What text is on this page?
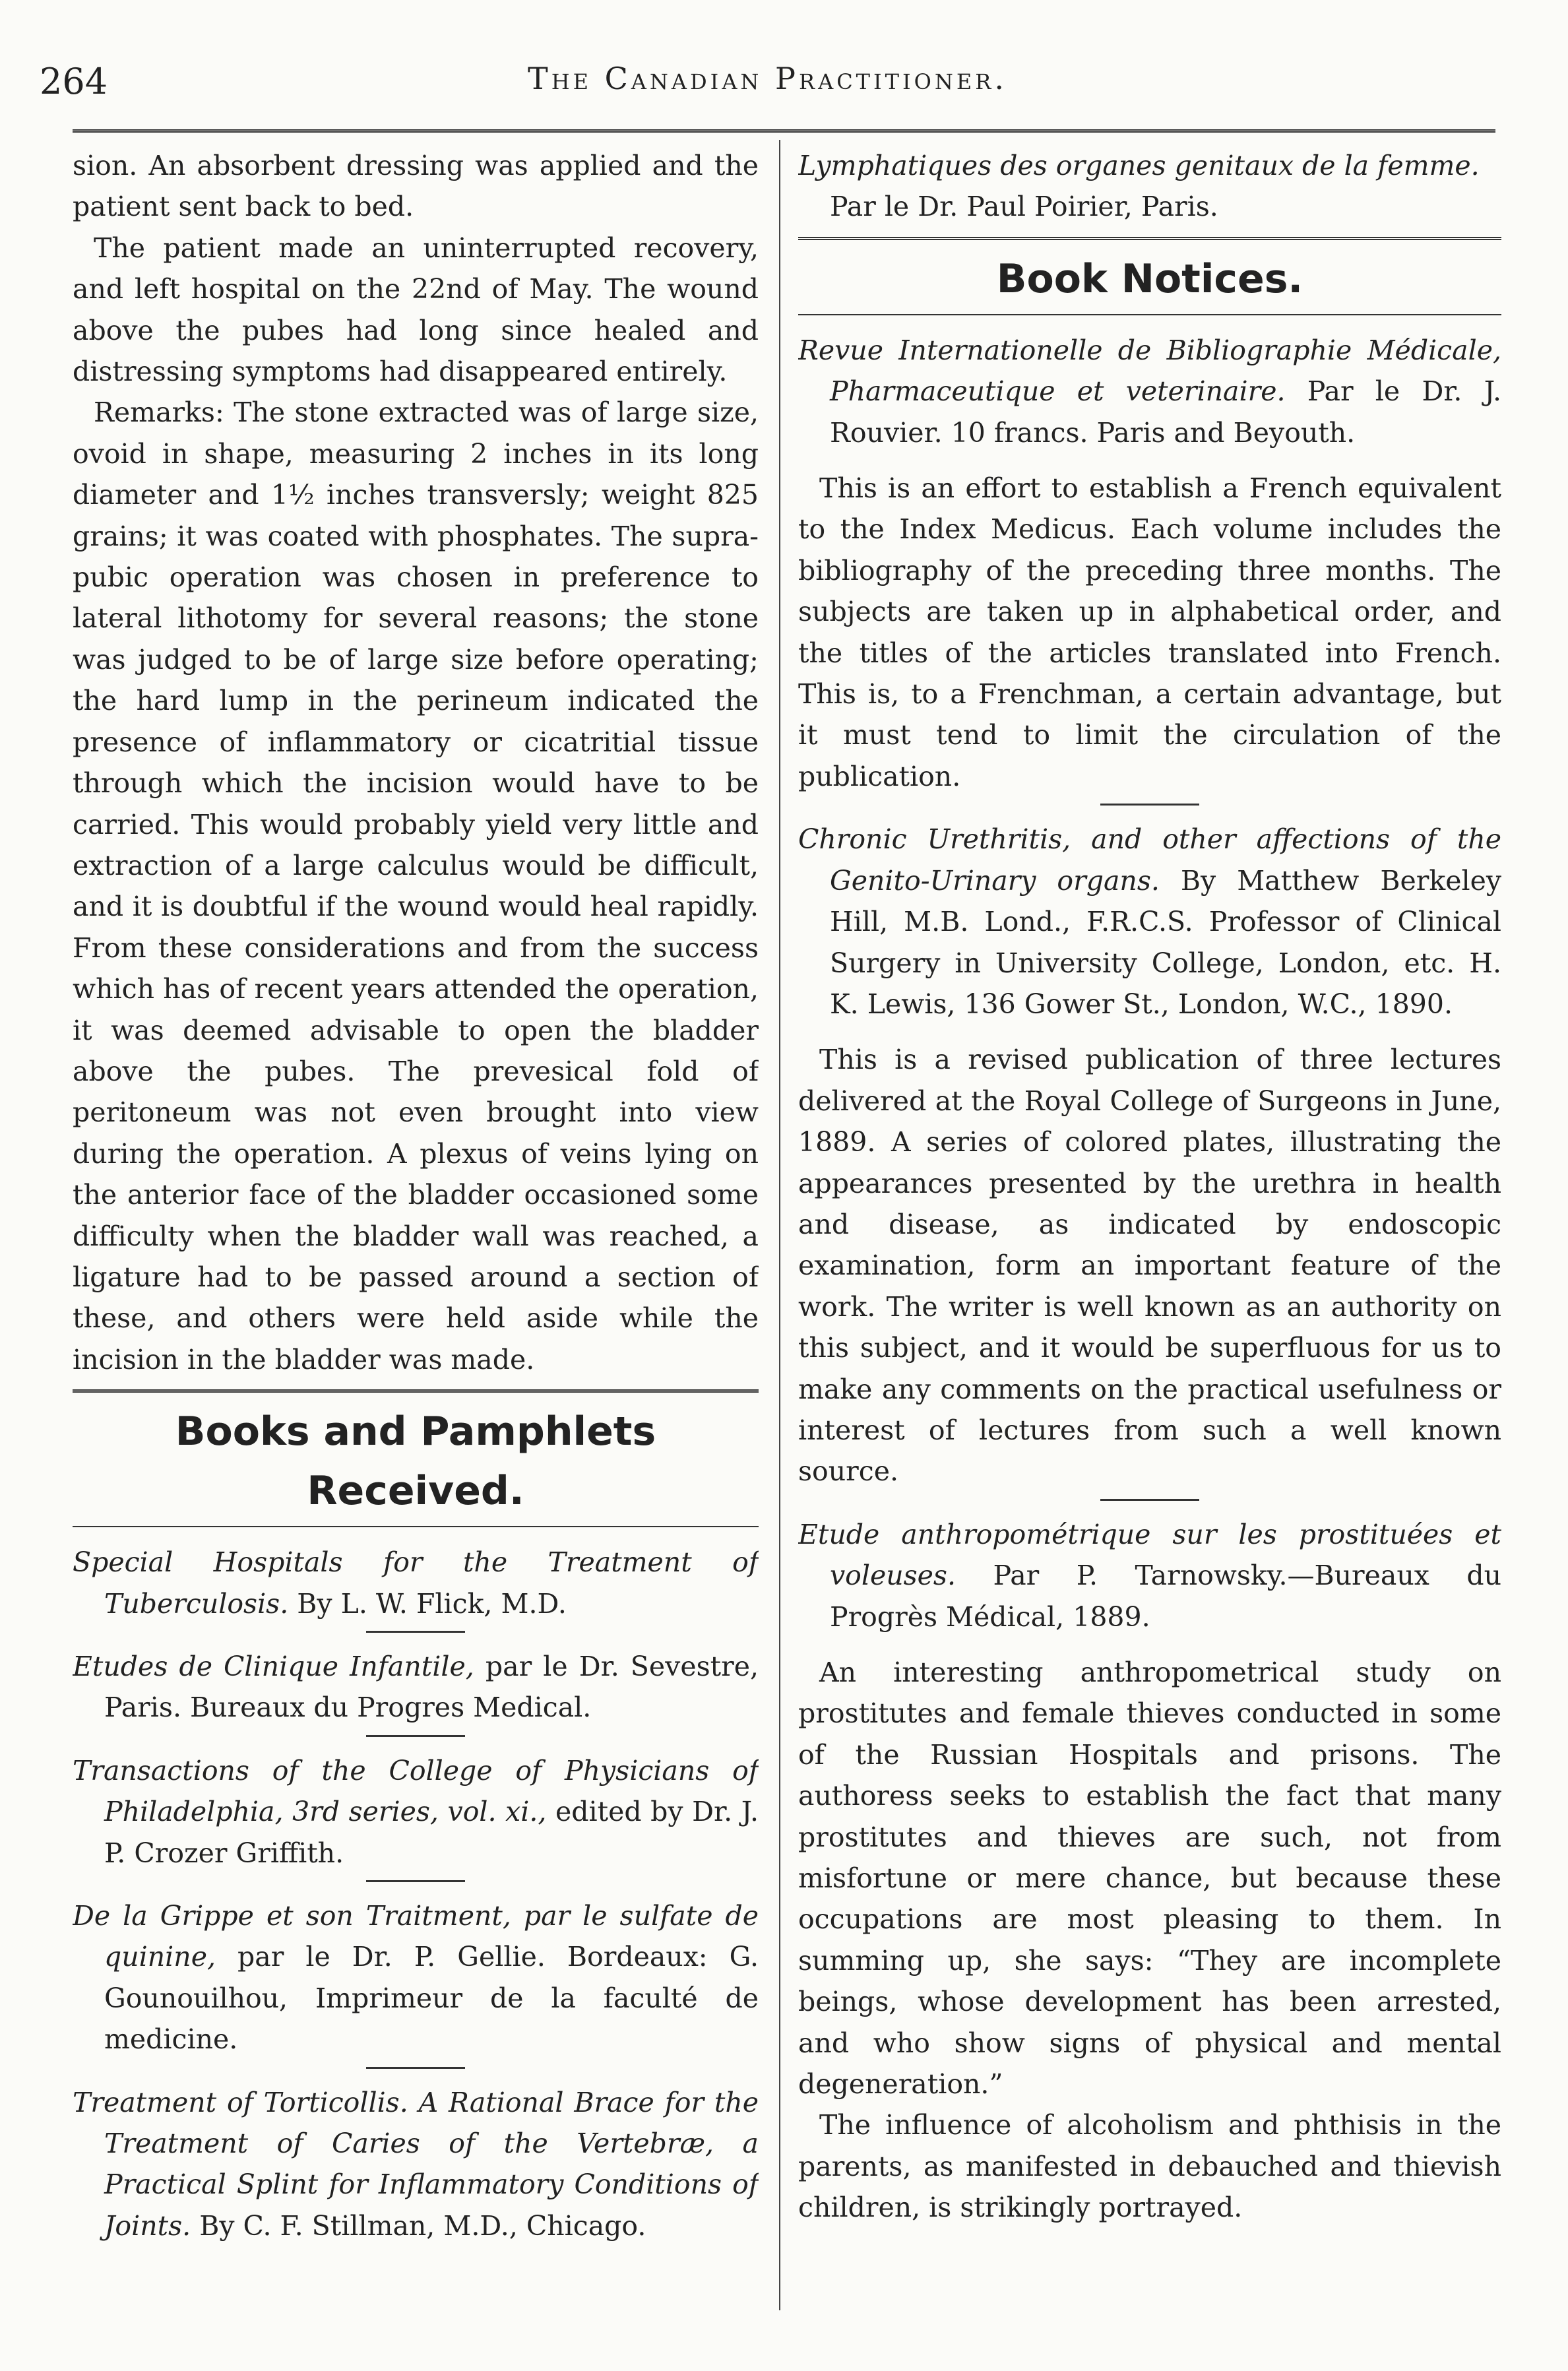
264	The Canadian Practitioner.

sion. An absorbent dressing was applied and the patient sent back to bed.

The patient made an uninterrupted recovery, and left hospital on the 22nd of May. The wound above the pubes had long since healed and distressing symptoms had disappeared entirely.

Remarks: The stone extracted was of large size, ovoid in shape, measuring 2 inches in its long diameter and 1½ inches transversly; weight 825 grains; it was coated with phosphates. The supra-pubic operation was chosen in preference to lateral lithotomy for several reasons; the stone was judged to be of large size before operating; the hard lump in the perineum indicated the presence of inflammatory or cicatritial tissue through which the incision would have to be carried. This would probably yield very little and extraction of a large calculus would be difficult, and it is doubtful if the wound would heal rapidly. From these considerations and from the success which has of recent years attended the operation, it was deemed advisable to open the bladder above the pubes. The prevesical fold of peritoneum was not even brought into view during the operation. A plexus of veins lying on the anterior face of the bladder occasioned some difficulty when the bladder wall was reached, a ligature had to be passed around a section of these, and others were held aside while the incision in the bladder was made.

Books and Pamphlets Received.

Special Hospitals for the Treatment of Tuberculosis. By L. W. Flick, M.D.

Etudes de Clinique Infantile, par le Dr. Sevestre, Paris. Bureaux du Progres Medical.

Transactions of the College of Physicians of Philadelphia, 3rd series, vol. xi., edited by Dr. J. P. Crozer Griffith.

De la Grippe et son Traitment, par le sulfate de quinine, par le Dr. P. Gellie. Bordeaux: G. Gounouilhou, Imprimeur de la faculté de medicine.

Treatment of Torticollis. A Rational Brace for the Treatment of Caries of the Vertebræ, a Practical Splint for Inflammatory Conditions of Joints. By C. F. Stillman, M.D., Chicago.

Lymphatiques des organes genitaux de la femme.
Par le Dr. Paul Poirier, Paris.

Book Notices.

Revue Internationelle de Bibliographie Médicale, Pharmaceutique et veterinaire. Par le Dr. J. Rouvier. 10 francs. Paris and Beyouth.

This is an effort to establish a French equivalent to the Index Medicus. Each volume includes the bibliography of the preceding three months. The subjects are taken up in alphabetical order, and the titles of the articles translated into French. This is, to a Frenchman, a certain advantage, but it must tend to limit the circulation of the publication.

Chronic Urethritis, and other affections of the Genito-Urinary organs. By Matthew Berkeley Hill, M.B. Lond., F.R.C.S. Professor of Clinical Surgery in University College, London, etc. H. K. Lewis, 136 Gower St., London, W.C., 1890.

This is a revised publication of three lectures delivered at the Royal College of Surgeons in June, 1889. A series of colored plates, illustrating the appearances presented by the urethra in health and disease, as indicated by endoscopic examination, form an important feature of the work. The writer is well known as an authority on this subject, and it would be superfluous for us to make any comments on the practical usefulness or interest of lectures from such a well known source.

Etude anthropométrique sur les prostituées et voleuses. Par P. Tarnowsky.—Bureaux du Progrès Médical, 1889.

An interesting anthropometrical study on prostitutes and female thieves conducted in some of the Russian Hospitals and prisons. The authoress seeks to establish the fact that many prostitutes and thieves are such, not from misfortune or mere chance, but because these occupations are most pleasing to them. In summing up, she says: “They are incomplete beings, whose development has been arrested, and who show signs of physical and mental degeneration.”

The influence of alcoholism and phthisis in the parents, as manifested in debauched and thievish children, is strikingly portrayed.
